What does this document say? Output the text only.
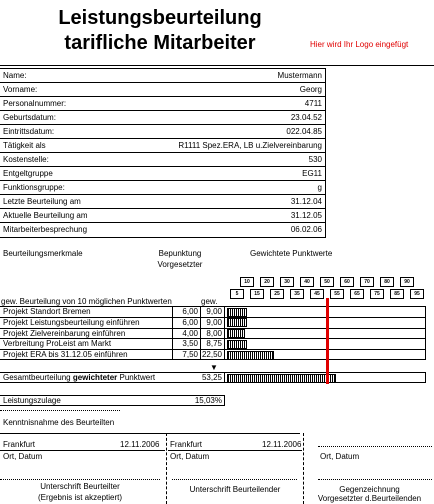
Leistungsbeurteilung
tarifliche Mitarbeiter	Hier wird Ihr Logo eingefügt
Name:	Mustermann
Vorname:	Georg
Personalnummer:	4711
Geburtsdatum:	23.04.52
Eintrittsdatum:	022.04.85
Tätigkeit als	R1111 Spez.ERA, LB u.Zielvereinbarung
Kostenstelle:	530
Entgeltgruppe	EG11
Funktionsgruppe:	g
Letzte Beurteilung am	31.12.04
Aktuelle Beurteilung am	31.12.05
Mitarbeiterbesprechung	06.02.06
Beurteilungsmerkmale	Bepunktung
Vorgesetzter
Gewichtete Punktwerte
10	20	30	40	50	60	70	80	90
5	15	25	35	45	55	65	75	85	95
gew. Beurteilung von 10 möglichen Punktwerten	gew.
Projekt Standort Bremen	6,00	9,00
Projekt Leistungsbeurteilung einführen	6,00	9,00
Projekt Zielvereinbarung einführen	4,00	8,00
Verbreitung ProLeist am Markt	3,50	8,75
Projekt ERA bis 31.12.05 einführen	7,50 22,50
Gesamtbeurteilung gewichteter Punktwert	53,25
▼
Leistungszulage	15,03%
Kenntnisnahme des Beurteilten
Frankfurt	12.11.2006
Ort, Datum
Unterschrift Beurteilter
(Ergebnis ist akzeptiert)
Frankfurt	12.11.2006
Ort, Datum
Unterschrift Beurteilender
Ort, Datum
Gegenzeichnung
Vorgesetzter d.Beurteilenden
